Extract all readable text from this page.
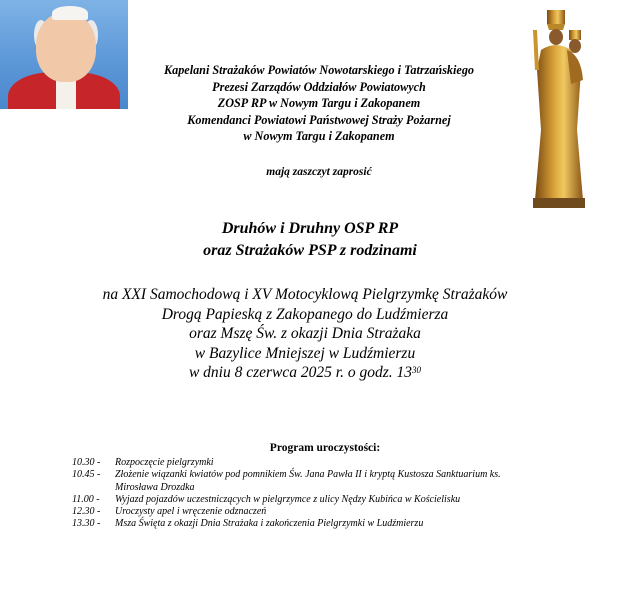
Kapelani Strażaków Powiatów Nowotarskiego i Tatrzańskiego
Prezesi Zarządów Oddziałów Powiatowych
ZOSP RP w Nowym Targu i Zakopanem
Komendanci Powiatowi Państwowej Straży Pożarnej
w Nowym Targu i Zakopanem
mają zaszczyt zaprosić
Druhów i Druhny OSP RP
oraz Strażaków PSP z rodzinami
na XXI Samochodową i XV Motocyklową Pielgrzymkę Strażaków
Drogą Papieską z Zakopanego do Ludźmierza
oraz Mszę Św. z okazji Dnia Strażaka
w Bazylice Mniejszej w Ludźmierzu
w dniu 8 czerwca 2025 r. o godz. $13^{30}$
Program uroczystości:
10.30 -	Rozpoczęcie pielgrzymki
10.45 -	Złożenie wiązanki kwiatów pod pomnikiem Św. Jana Pawła II i kryptą Kustosza Sanktuarium ks.
Mirosława Drozdka
11.00 -	Wyjazd pojazdów uczestniczących w pielgrzymce z ulicy Nędzy Kubińca w Kościelisku
12.30 -	Uroczysty apel i wręczenie odznaczeń
13.30 -	Msza Święta z okazji Dnia Strażaka i zakończenia Pielgrzymki w Ludźmierzu
